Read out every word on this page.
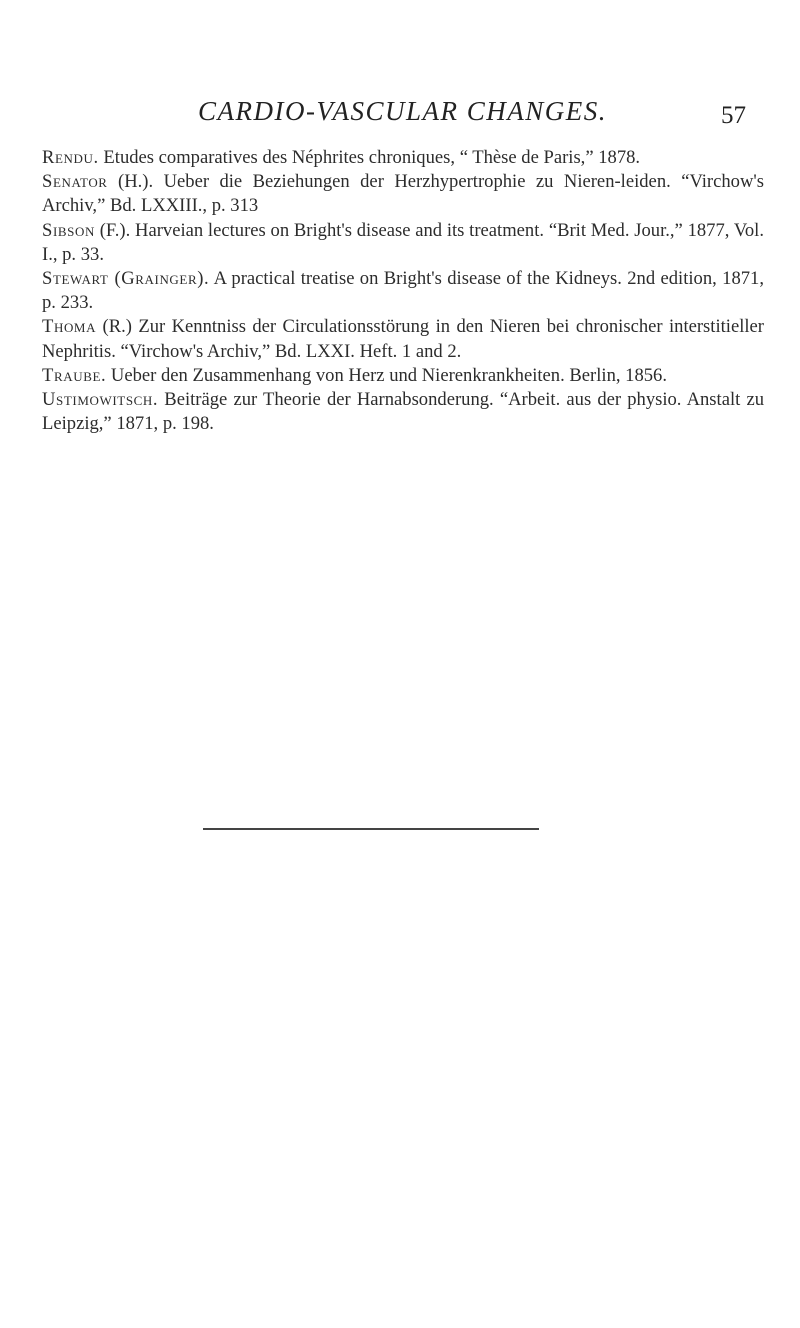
CARDIO-VASCULAR CHANGES.	57

Rendu. Etudes comparatives des Néphrites chroniques, “ Thèse de Paris,” 1878.

Senator (H.). Ueber die Beziehungen der Herzhypertrophie zu Nieren-leiden. “Virchow's Archiv,” Bd. LXXIII., p. 313

Sibson (F.). Harveian lectures on Bright's disease and its treatment. “Brit Med. Jour.,” 1877, Vol. I., p. 33.

Stewart (Grainger). A practical treatise on Bright's disease of the Kidneys. 2nd edition, 1871, p. 233.

Thoma (R.) Zur Kenntniss der Circulationsstörung in den Nieren bei chronischer interstitieller Nephritis. “Virchow's Archiv,” Bd. LXXI. Heft. 1 and 2.

Traube. Ueber den Zusammenhang von Herz und Nierenkrankheiten. Berlin, 1856.

Ustimowitsch. Beiträge zur Theorie der Harnabsonderung. “Arbeit. aus der physio. Anstalt zu Leipzig,” 1871, p. 198.
